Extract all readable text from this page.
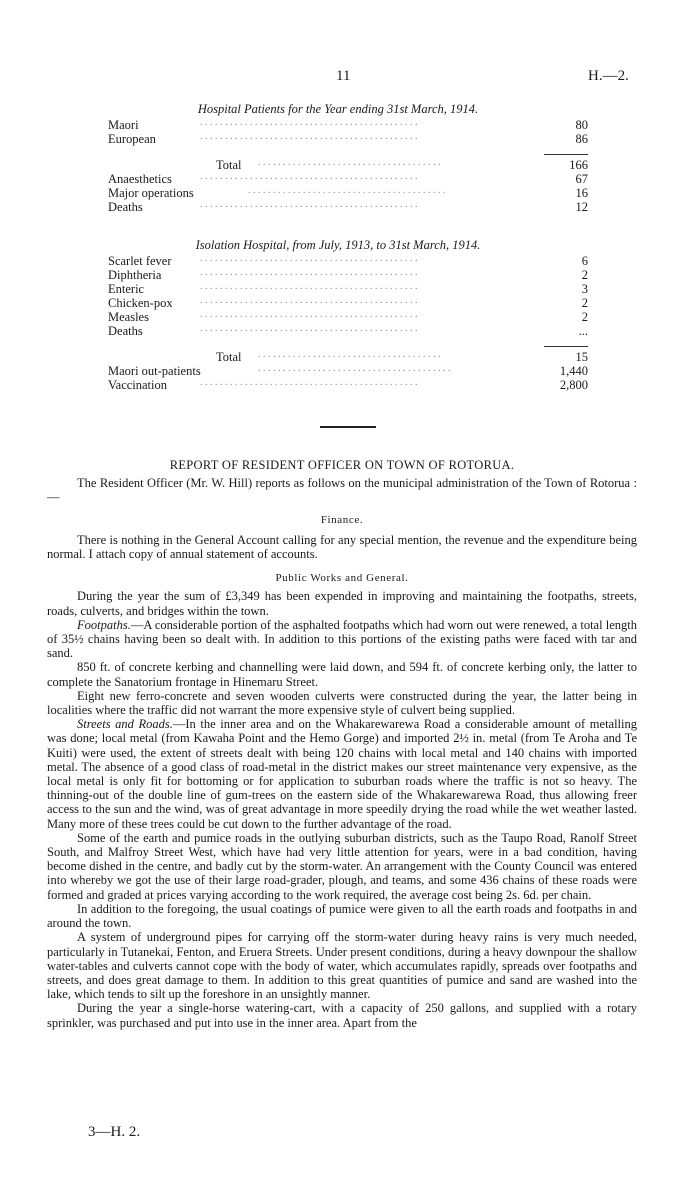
11	H.—2.
Hospital Patients for the Year ending 31st March, 1914.
Maori	. . . . . . . . . . . . . . . . . . . . . . . . . . . . . . . . . . . . . . . . . . . .	80
European	. . . . . . . . . . . . . . . . . . . . . . . . . . . . . . . . . . . . . . . . . . . .	86
Total . . . . . . . . . . . . . . . . . . . . . . . . . . . . . . . . . . . . .	166
Anaesthetics	. . . . . . . . . . . . . . . . . . . . . . . . . . . . . . . . . . . . . . . . . . . .	67
Major operations	. . . . . . . . . . . . . . . . . . . . . . . . . . . . . . . . . . . . . . . .	16
Deaths	. . . . . . . . . . . . . . . . . . . . . . . . . . . . . . . . . . . . . . . . . . . .	12
Isolation Hospital, from July, 1913, to 31st March, 1914.
Scarlet fever	. . . . . . . . . . . . . . . . . . . . . . . . . . . . . . . . . . . . . . . . . . . .	6
Diphtheria	. . . . . . . . . . . . . . . . . . . . . . . . . . . . . . . . . . . . . . . . . . . .	2
Enteric	. . . . . . . . . . . . . . . . . . . . . . . . . . . . . . . . . . . . . . . . . . . .	3
Chicken-pox	. . . . . . . . . . . . . . . . . . . . . . . . . . . . . . . . . . . . . . . . . . . .	2
Measles	. . . . . . . . . . . . . . . . . . . . . . . . . . . . . . . . . . . . . . . . . . . .	2
Deaths	. . . . . . . . . . . . . . . . . . . . . . . . . . . . . . . . . . . . . . . . . . . .	...
Total . . . . . . . . . . . . . . . . . . . . . . . . . . . . . . . . . . . . .	15
Maori out-patients	. . . . . . . . . . . . . . . . . . . . . . . . . . . . . . . . . . . . . . .	1,440
Vaccination	. . . . . . . . . . . . . . . . . . . . . . . . . . . . . . . . . . . . . . . . . . . .	2,800
REPORT OF RESIDENT OFFICER ON TOWN OF ROTORUA.

The Resident Officer (Mr. W. Hill) reports as follows on the municipal administration of the Town of Rotorua :—

Finance.

There is nothing in the General Account calling for any special mention, the revenue and the expenditure being normal. I attach copy of annual statement of accounts.

Public Works and General.

During the year the sum of £3,349 has been expended in improving and maintaining the footpaths, streets, roads, culverts, and bridges within the town.

Footpaths.—A considerable portion of the asphalted footpaths which had worn out were renewed, a total length of 35½ chains having been so dealt with. In addition to this portions of the existing paths were faced with tar and sand.

850 ft. of concrete kerbing and channelling were laid down, and 594 ft. of concrete kerbing only, the latter to complete the Sanatorium frontage in Hinemaru Street.

Eight new ferro-concrete and seven wooden culverts were constructed during the year, the latter being in localities where the traffic did not warrant the more expensive style of culvert being supplied.

Streets and Roads.—In the inner area and on the Whakarewarewa Road a considerable amount of metalling was done; local metal (from Kawaha Point and the Hemo Gorge) and imported 2½ in. metal (from Te Aroha and Te Kuiti) were used, the extent of streets dealt with being 120 chains with local metal and 140 chains with imported metal. The absence of a good class of road-metal in the district makes our street maintenance very expensive, as the local metal is only fit for bottoming or for application to suburban roads where the traffic is not so heavy. The thinning-out of the double line of gum-trees on the eastern side of the Whakarewarewa Road, thus allowing freer access to the sun and the wind, was of great advantage in more speedily drying the road while the wet weather lasted. Many more of these trees could be cut down to the further advantage of the road.

Some of the earth and pumice roads in the outlying suburban districts, such as the Taupo Road, Ranolf Street South, and Malfroy Street West, which have had very little attention for years, were in a bad condition, having become dished in the centre, and badly cut by the storm-water. An arrangement with the County Council was entered into whereby we got the use of their large road-grader, plough, and teams, and some 436 chains of these roads were formed and graded at prices varying according to the work required, the average cost being 2s. 6d. per chain.

In addition to the foregoing, the usual coatings of pumice were given to all the earth roads and footpaths in and around the town.

A system of underground pipes for carrying off the storm-water during heavy rains is very much needed, particularly in Tutanekai, Fenton, and Eruera Streets. Under present conditions, during a heavy downpour the shallow water-tables and culverts cannot cope with the body of water, which accumulates rapidly, spreads over footpaths and streets, and does great damage to them. In addition to this great quantities of pumice and sand are washed into the lake, which tends to silt up the foreshore in an unsightly manner.

During the year a single-horse watering-cart, with a capacity of 250 gallons, and supplied with a rotary sprinkler, was purchased and put into use in the inner area. Apart from the

3—H. 2.
